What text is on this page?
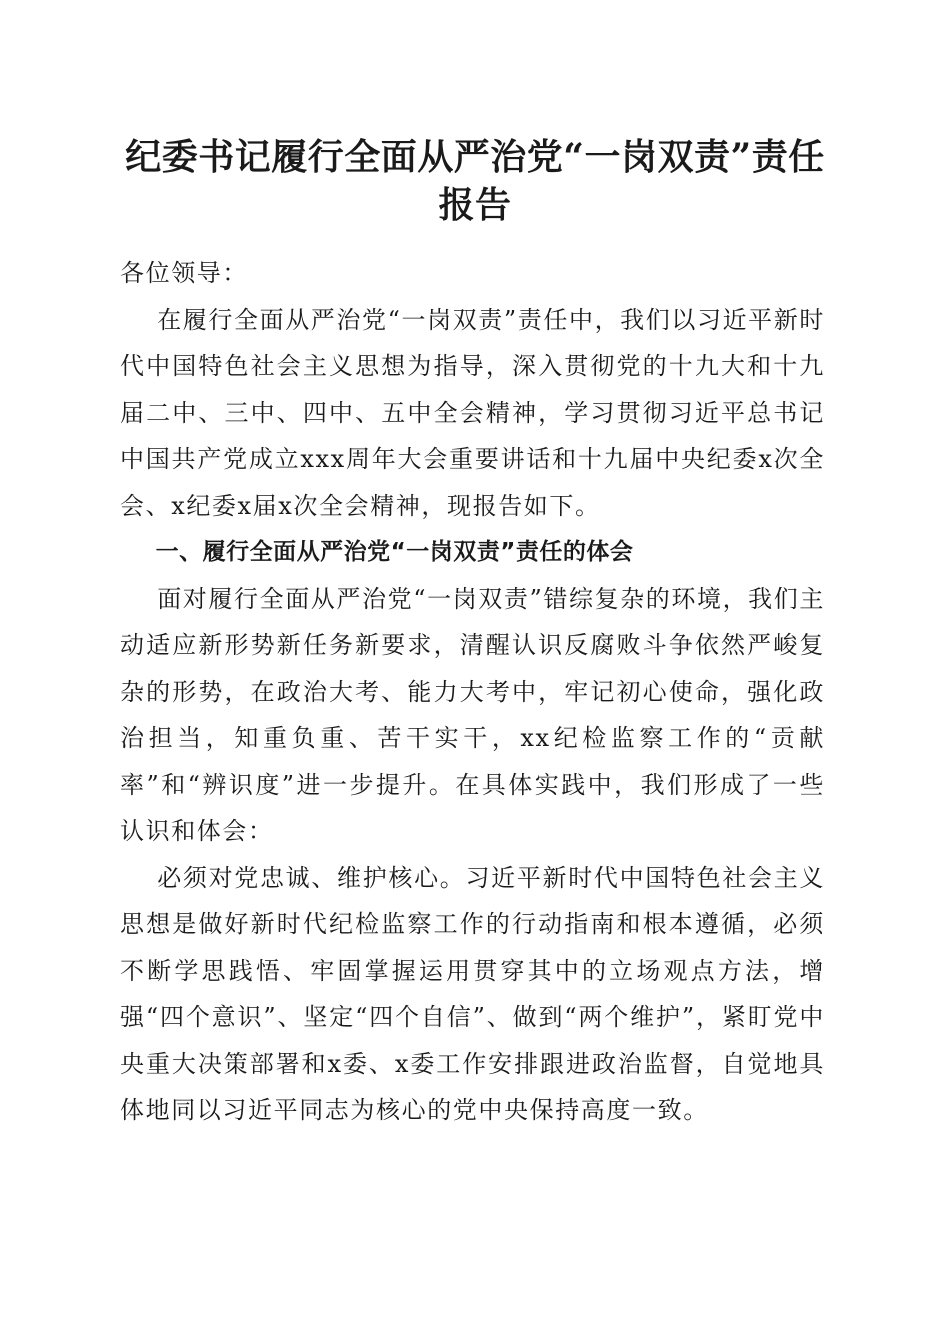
纪委书记履行全面从严治党“一岗双责”责任
报告

各位领导：

在履行全面从严治党“一岗双责”责任中，我们以习近平新时代中国特色社会主义思想为指导，深入贯彻党的十九大和十九届二中、三中、四中、五中全会精神，学习贯彻习近平总书记中国共产党成立xxx周年大会重要讲话和十九届中央纪委x次全会、x纪委x届x次全会精神，现报告如下。

一、履行全面从严治党“一岗双责”责任的体会

面对履行全面从严治党“一岗双责”错综复杂的环境，我们主动适应新形势新任务新要求，清醒认识反腐败斗争依然严峻复杂的形势，在政治大考、能力大考中，牢记初心使命，强化政治担当，知重负重、苦干实干，xx纪检监察工作的“贡献率”和“辨识度”进一步提升。在具体实践中，我们形成了一些认识和体会：

必须对党忠诚、维护核心。习近平新时代中国特色社会主义思想是做好新时代纪检监察工作的行动指南和根本遵循，必须不断学思践悟、牢固掌握运用贯穿其中的立场观点方法，增强“四个意识”、坚定“四个自信”、做到“两个维护”，紧盯党中央重大决策部署和x委、x委工作安排跟进政治监督，自觉地具体地同以习近平同志为核心的党中央保持高度一致。
